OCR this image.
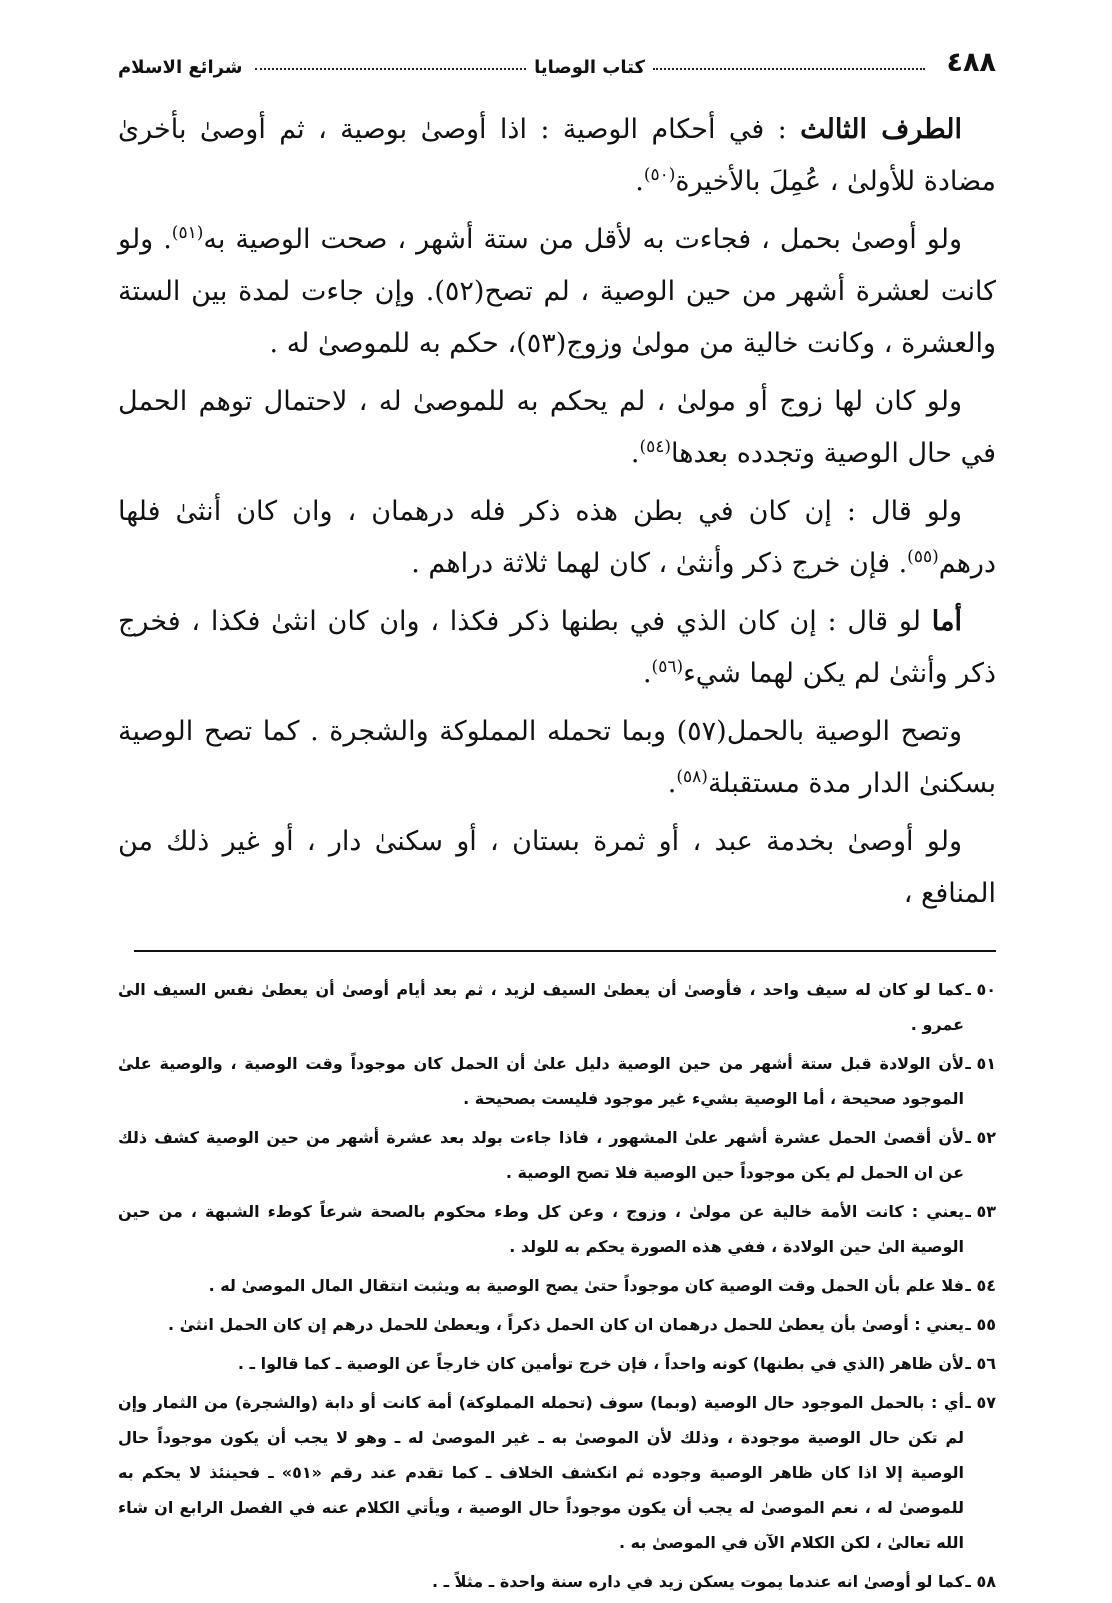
٤٨٨
كتاب الوصايا
شرائع الاسلام

الطرف الثالث : في أحكام الوصية : اذا أوصىٰ بوصية ، ثم أوصىٰ بأخرىٰ مضادة للأولىٰ ، عُمِلَ بالأخيرة$^{(٥٠)}$.

ولو أوصىٰ بحمل ، فجاءت به لأقل من ستة أشهر ، صحت الوصية به$^{(٥١)}$. ولو كانت لعشرة أشهر من حين الوصية ، لم تصح(٥٢). وإن جاءت لمدة بين الستة والعشرة ، وكانت خالية من مولىٰ وزوج(٥٣)، حكم به للموصىٰ له .

ولو كان لها زوج أو مولىٰ ، لم يحكم به للموصىٰ له ، لاحتمال توهم الحمل في حال الوصية وتجدده بعدها$^{(٥٤)}$.

ولو قال : إن كان في بطن هذه ذكر فله درهمان ، وان كان أنثىٰ فلها درهم$^{(٥٥)}$. فإن خرج ذكر وأنثىٰ ، كان لهما ثلاثة دراهم .

أما لو قال : إن كان الذي في بطنها ذكر فكذا ، وان كان انثىٰ فكذا ، فخرج ذكر وأنثىٰ لم يكن لهما شيء$^{(٥٦)}$.

وتصح الوصية بالحمل(٥٧) وبما تحمله المملوكة والشجرة . كما تصح الوصية بسكنىٰ الدار مدة مستقبلة$^{(٥٨)}$.

ولو أوصىٰ بخدمة عبد ، أو ثمرة بستان ، أو سكنىٰ دار ، أو غير ذلك من المنافع ،

٥٠ ـكما لو كان له سيف واحد ، فأوصىٰ أن يعطىٰ السيف لزيد ، ثم بعد أيام أوصىٰ أن يعطىٰ نفس السيف الىٰ عمرو .

٥١ ـلأن الولادة قبل ستة أشهر من حين الوصية دليل علىٰ أن الحمل كان موجوداً وقت الوصية ، والوصية علىٰ الموجود صحيحة ، أما الوصية بشيء غير موجود فليست بصحيحة .

٥٢ ـلأن أقصىٰ الحمل عشرة أشهر علىٰ المشهور ، فاذا جاءت بولد بعد عشرة أشهر من حين الوصية كشف ذلك عن ان الحمل لم يكن موجوداً حين الوصية فلا تصح الوصية .

٥٣ ـيعني : كانت الأمة خالية عن مولىٰ ، وزوج ، وعن كل وطء محكوم بالصحة شرعاً كوطء الشبهة ، من حين الوصية الىٰ حين الولادة ، ففي هذه الصورة يحكم به للولد .

٥٤ ـفلا علم بأن الحمل وقت الوصية كان موجوداً حتىٰ يصح الوصية به ويثبت انتقال المال الموصىٰ له .

٥٥ ـيعني : أوصىٰ بأن يعطىٰ للحمل درهمان ان كان الحمل ذكراً ، ويعطىٰ للحمل درهم إن كان الحمل انثىٰ .

٥٦ ـلأن ظاهر (الذي في بطنها) كونه واحداً ، فإن خرج توأمين كان خارجاً عن الوصية ـ كما قالوا ـ .

٥٧ ـأي : بالحمل الموجود حال الوصية (وبما) سوف (تحمله المملوكة) أمة كانت أو دابة (والشجرة) من الثمار وإن لم تكن حال الوصية موجودة ، وذلك لأن الموصىٰ به ـ غير الموصىٰ له ـ وهو لا يجب أن يكون موجوداً حال الوصية إلا اذا كان ظاهر الوصية وجوده ثم انكشف الخلاف ـ كما تقدم عند رقم «٥١» ـ فحينئذ لا يحكم به للموصىٰ له ، نعم الموصىٰ له يجب أن يكون موجوداً حال الوصية ، ويأتي الكلام عنه في الفصل الرابع ان شاء الله تعالىٰ ، لكن الكلام الآن في الموصىٰ به .

٥٨ ـكما لو أوصىٰ انه عندما يموت يسكن زيد في داره سنة واحدة ـ مثلاً ـ .
